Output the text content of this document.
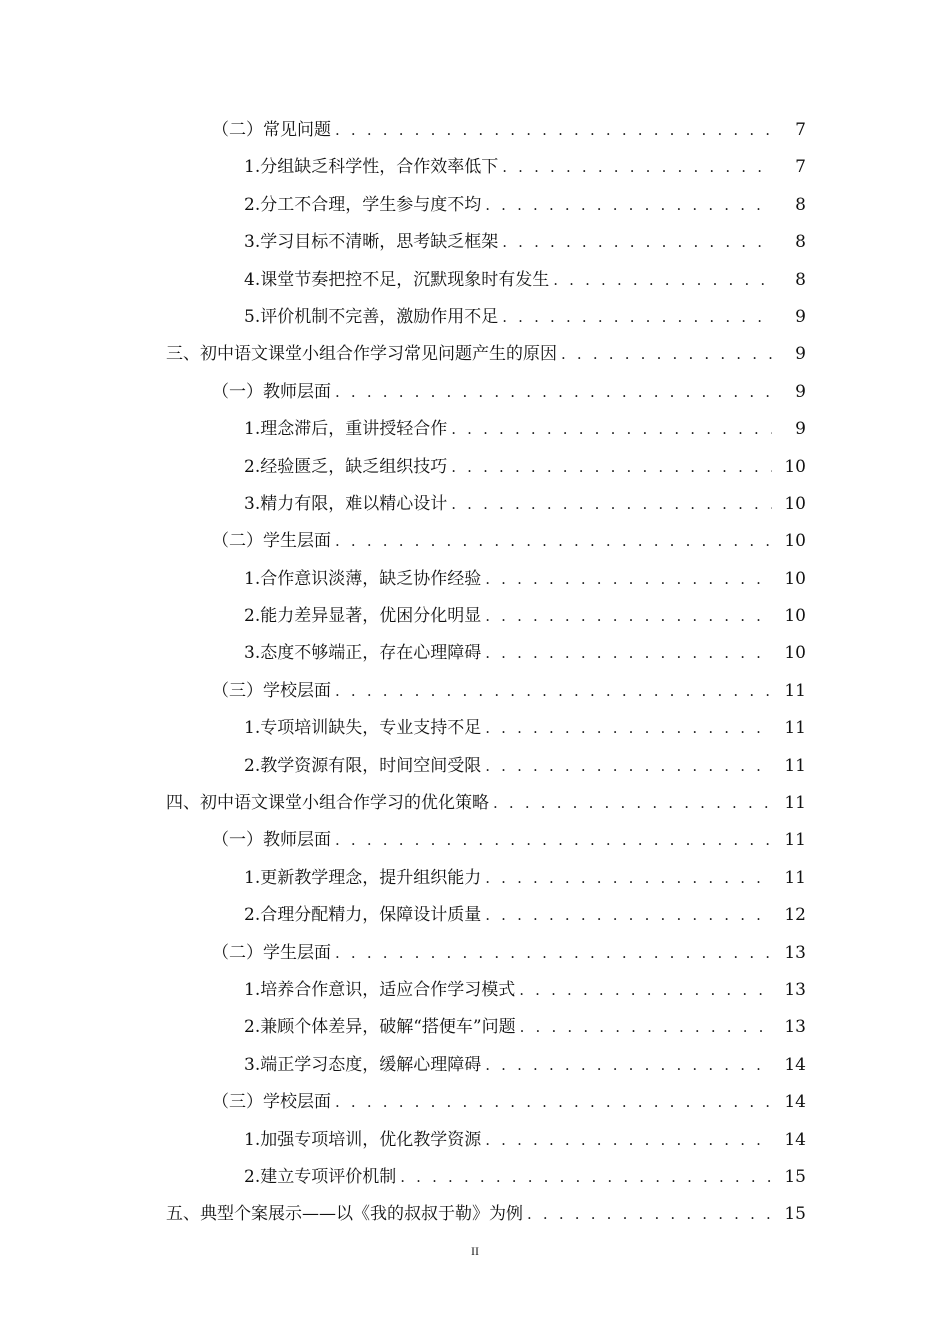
（二）常见问题 . . .	7
1.分组缺乏科学性，合作效率低下 . . .	7
2.分工不合理，学生参与度不均 . . .	8
3.学习目标不清晰，思考缺乏框架 . . .	8
4.课堂节奏把控不足，沉默现象时有发生 . . .	8
5.评价机制不完善，激励作用不足 . . .	9
三、初中语文课堂小组合作学习常见问题产生的原因 . . .	9
（一）教师层面 . . .	9
1.理念滞后，重讲授轻合作 . . .	9
2.经验匮乏，缺乏组织技巧 . . .	10
3.精力有限，难以精心设计 . . .	10
（二）学生层面 . . .	10
1.合作意识淡薄，缺乏协作经验 . . .	10
2.能力差异显著，优困分化明显 . . .	10
3.态度不够端正，存在心理障碍 . . .	10
（三）学校层面 . . .	11
1.专项培训缺失，专业支持不足 . . .	11
2.教学资源有限，时间空间受限 . . .	11
四、初中语文课堂小组合作学习的优化策略 . . .	11
（一）教师层面 . . .	11
1.更新教学理念，提升组织能力 . . .	11
2.合理分配精力，保障设计质量 . . .	12
（二）学生层面 . . .	13
1.培养合作意识，适应合作学习模式 . . .	13
2.兼顾个体差异，破解“搭便车”问题 . . .	13
3.端正学习态度，缓解心理障碍 . . .	14
（三）学校层面 . . .	14
1.加强专项培训，优化教学资源 . . .	14
2.建立专项评价机制 . . .	15
五、典型个案展示——以《我的叔叔于勒》为例 . . .	15
II
